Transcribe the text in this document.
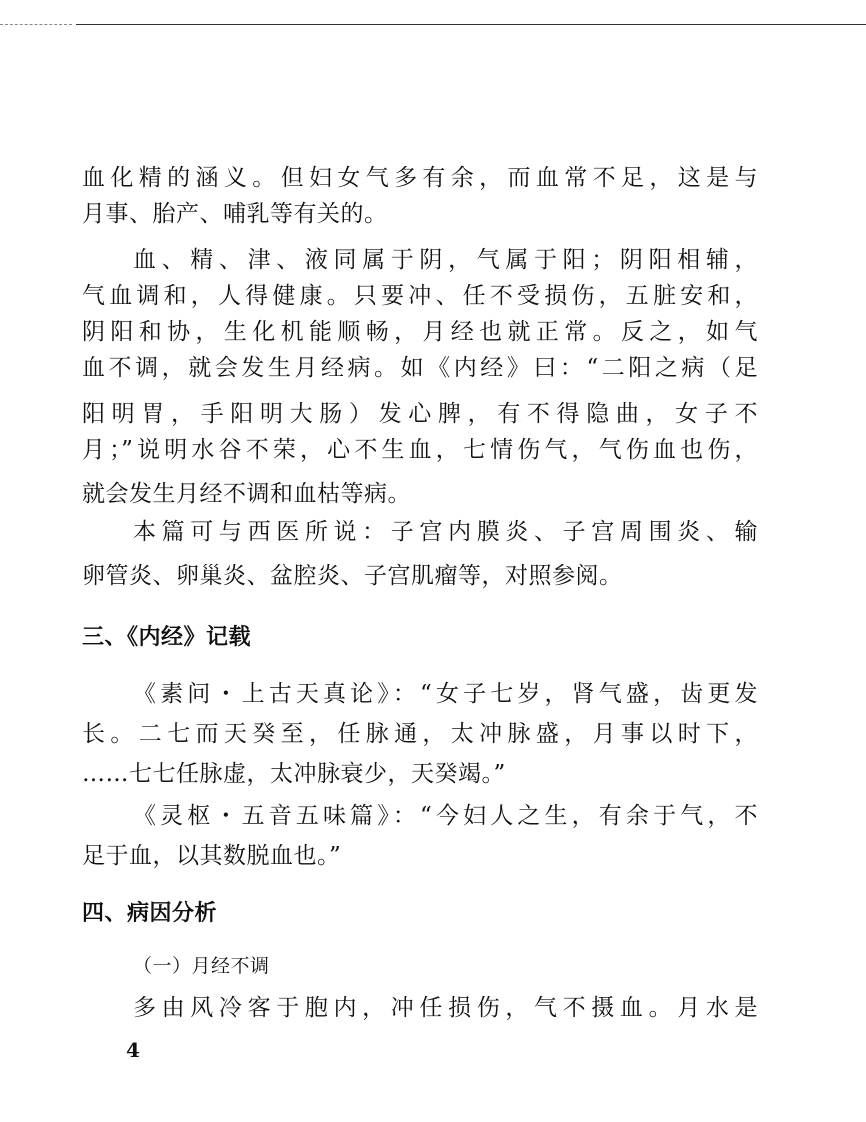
血化精的涵义。但妇女气多有余，而血常不足，这是与
月事、胎产、哺乳等有关的。
血、精、津、液同属于阴，气属于阳；阴阳相辅，
气血调和，人得健康。只要冲、任不受损伤，五脏安和，
阴阳和协，生化机能顺畅，月经也就正常。反之，如气
血不调，就会发生月经病。如《内经》曰：“二阳之病（足
阳明胃，手阳明大肠）发心脾，有不得隐曲，女子不
月；”说明水谷不荣，心不生血，七情伤气，气伤血也伤，
就会发生月经不调和血枯等病。
本篇可与西医所说：子宫内膜炎、子宫周围炎、输
卵管炎、卵巢炎、盆腔炎、子宫肌瘤等，对照参阅。
三、《内经》记载
《素问・上古天真论》：“女子七岁，肾气盛，齿更发
长。二七而天癸至，任脉通，太冲脉盛，月事以时下，
……七七任脉虚，太冲脉衰少，天癸竭。”
《灵枢・五音五味篇》：“今妇人之生，有余于气，不
足于血，以其数脱血也。”
四、病因分析
（一）月经不调
多由风冷客于胞内，冲任损伤，气不摄血。月水是
4
